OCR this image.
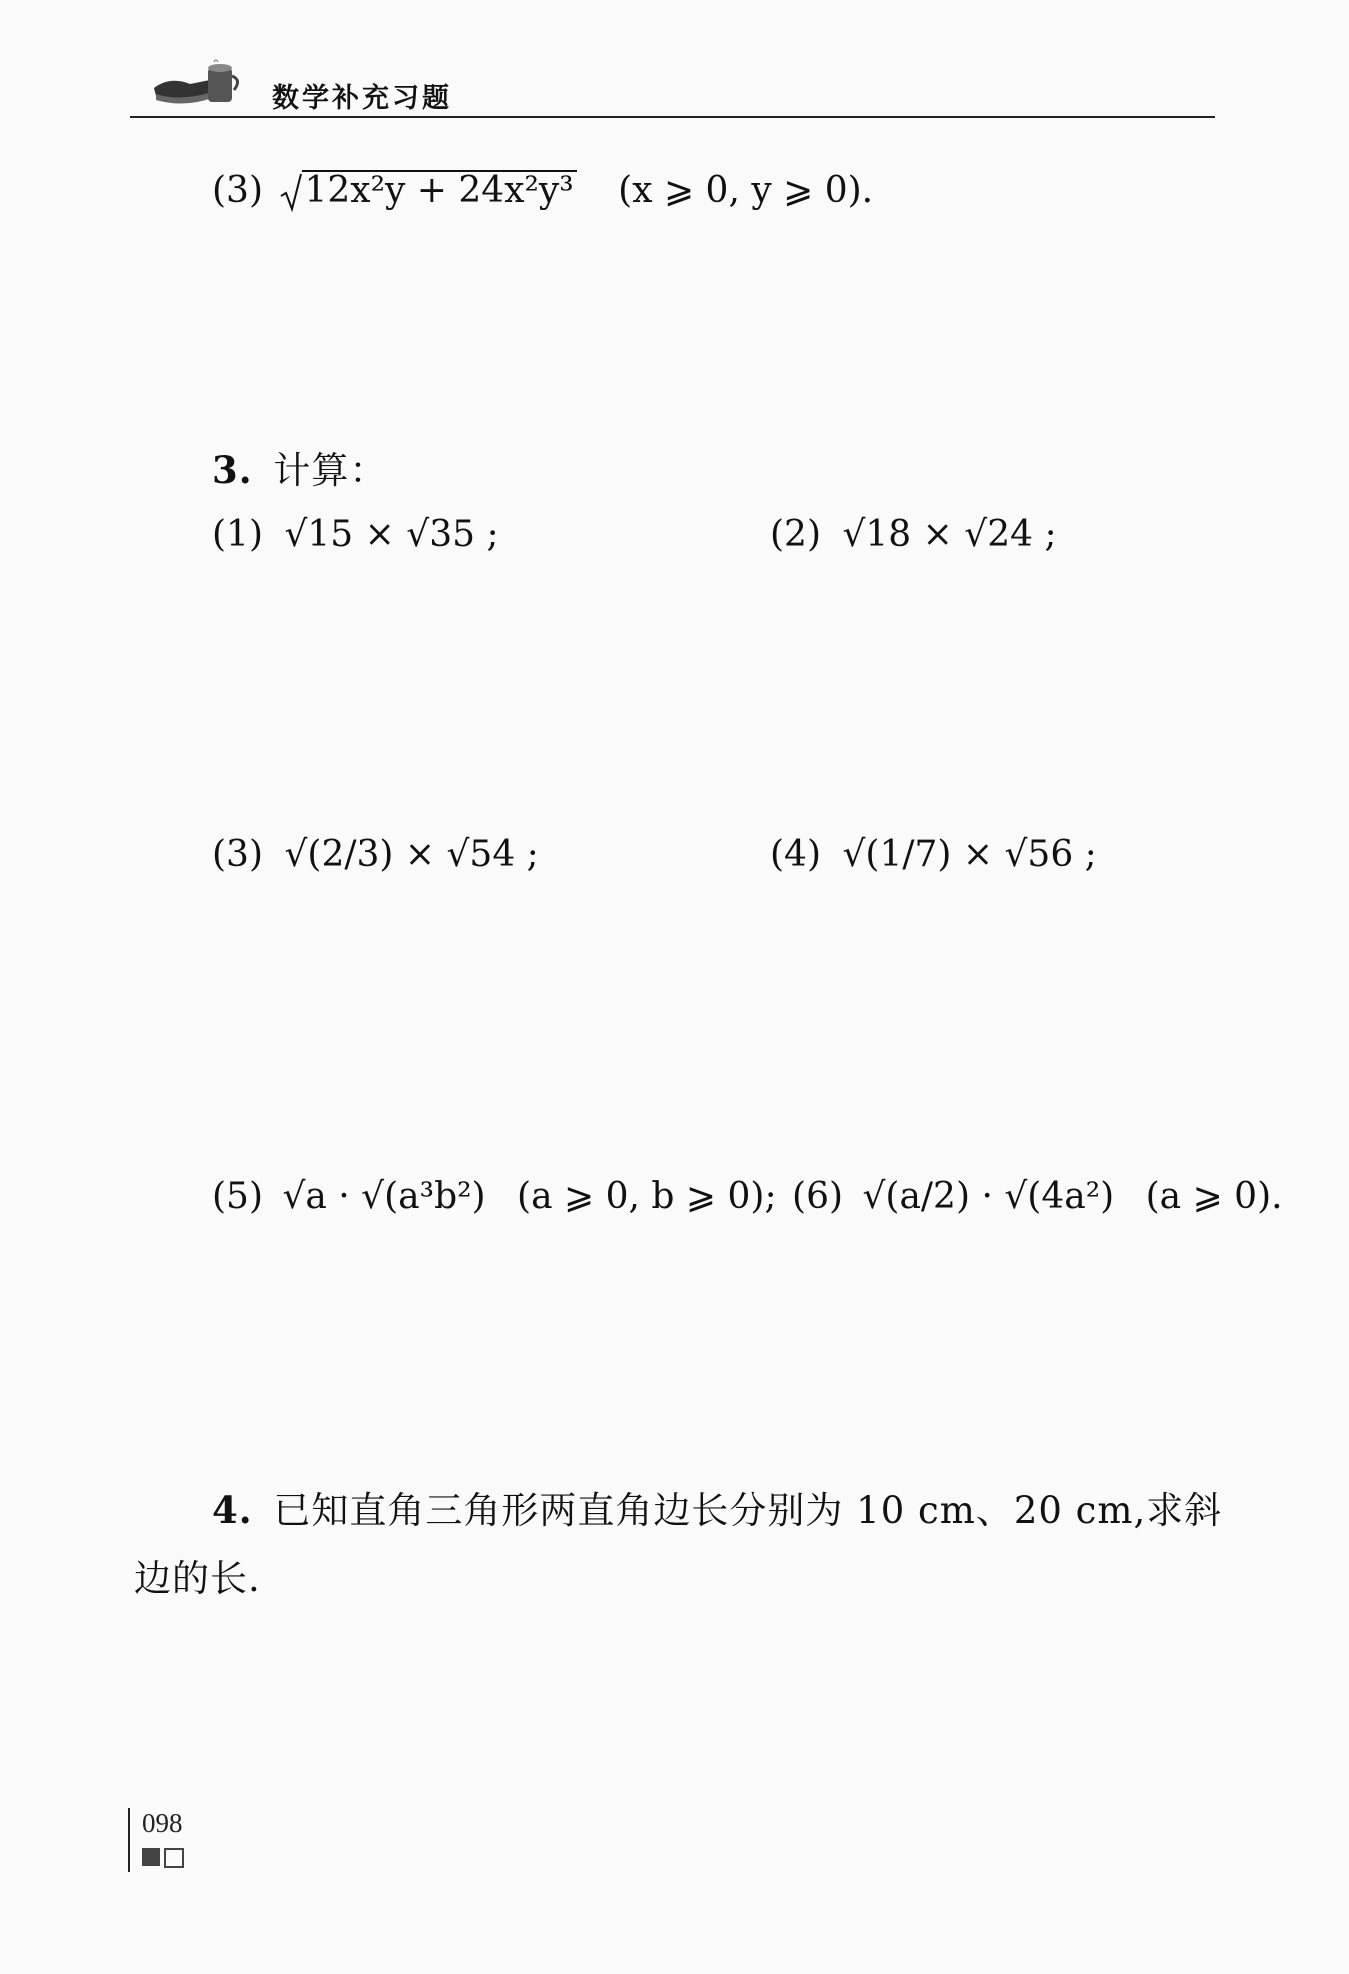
数学补充习题
(3) 12x²y + 24x²y³ (x ⩾ 0, y ⩾ 0).
3. 计算：
(1) √15 × √35 ;	(2) √18 × √24 ;
(3) √(2/3) × √54 ;	(4) √(1/7) × √56 ;
(5) √a · √(a³b²) (a ⩾ 0, b ⩾ 0); (6) √(a/2) · √(4a²) (a ⩾ 0).
4. 已知直角三角形两直角边长分别为 10 cm、20 cm,求斜
边的长.
098
